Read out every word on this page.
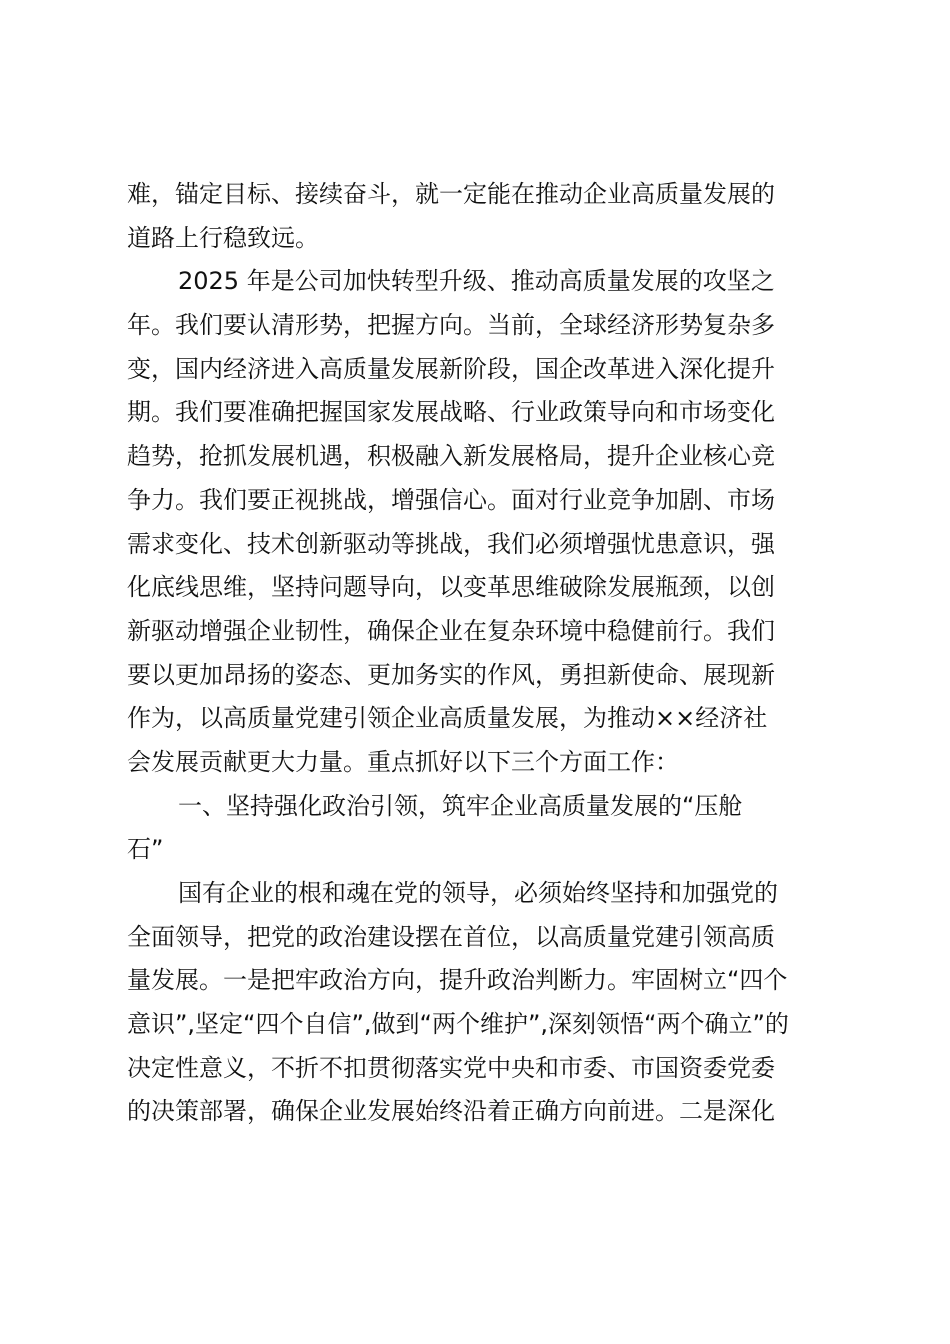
难，锚定目标、接续奋斗，就一定能在推动企业高质量发展的
道路上行稳致远。
2025 年是公司加快转型升级、推动高质量发展的攻坚之
年。我们要认清形势，把握方向。当前，全球经济形势复杂多
变，国内经济进入高质量发展新阶段，国企改革进入深化提升
期。我们要准确把握国家发展战略、行业政策导向和市场变化
趋势，抢抓发展机遇，积极融入新发展格局，提升企业核心竞
争力。我们要正视挑战，增强信心。面对行业竞争加剧、市场
需求变化、技术创新驱动等挑战，我们必须增强忧患意识，强
化底线思维，坚持问题导向，以变革思维破除发展瓶颈，以创
新驱动增强企业韧性，确保企业在复杂环境中稳健前行。我们
要以更加昂扬的姿态、更加务实的作风，勇担新使命、展现新
作为，以高质量党建引领企业高质量发展，为推动××经济社
会发展贡献更大力量。重点抓好以下三个方面工作：
一、坚持强化政治引领，筑牢企业高质量发展的“压舱
石”
国有企业的根和魂在党的领导，必须始终坚持和加强党的
全面领导，把党的政治建设摆在首位，以高质量党建引领高质
量发展。一是把牢政治方向，提升政治判断力。牢固树立“四个
意识”,坚定“四个自信”,做到“两个维护”,深刻领悟“两个确立”的
决定性意义，不折不扣贯彻落实党中央和市委、市国资委党委
的决策部署，确保企业发展始终沿着正确方向前进。二是深化
